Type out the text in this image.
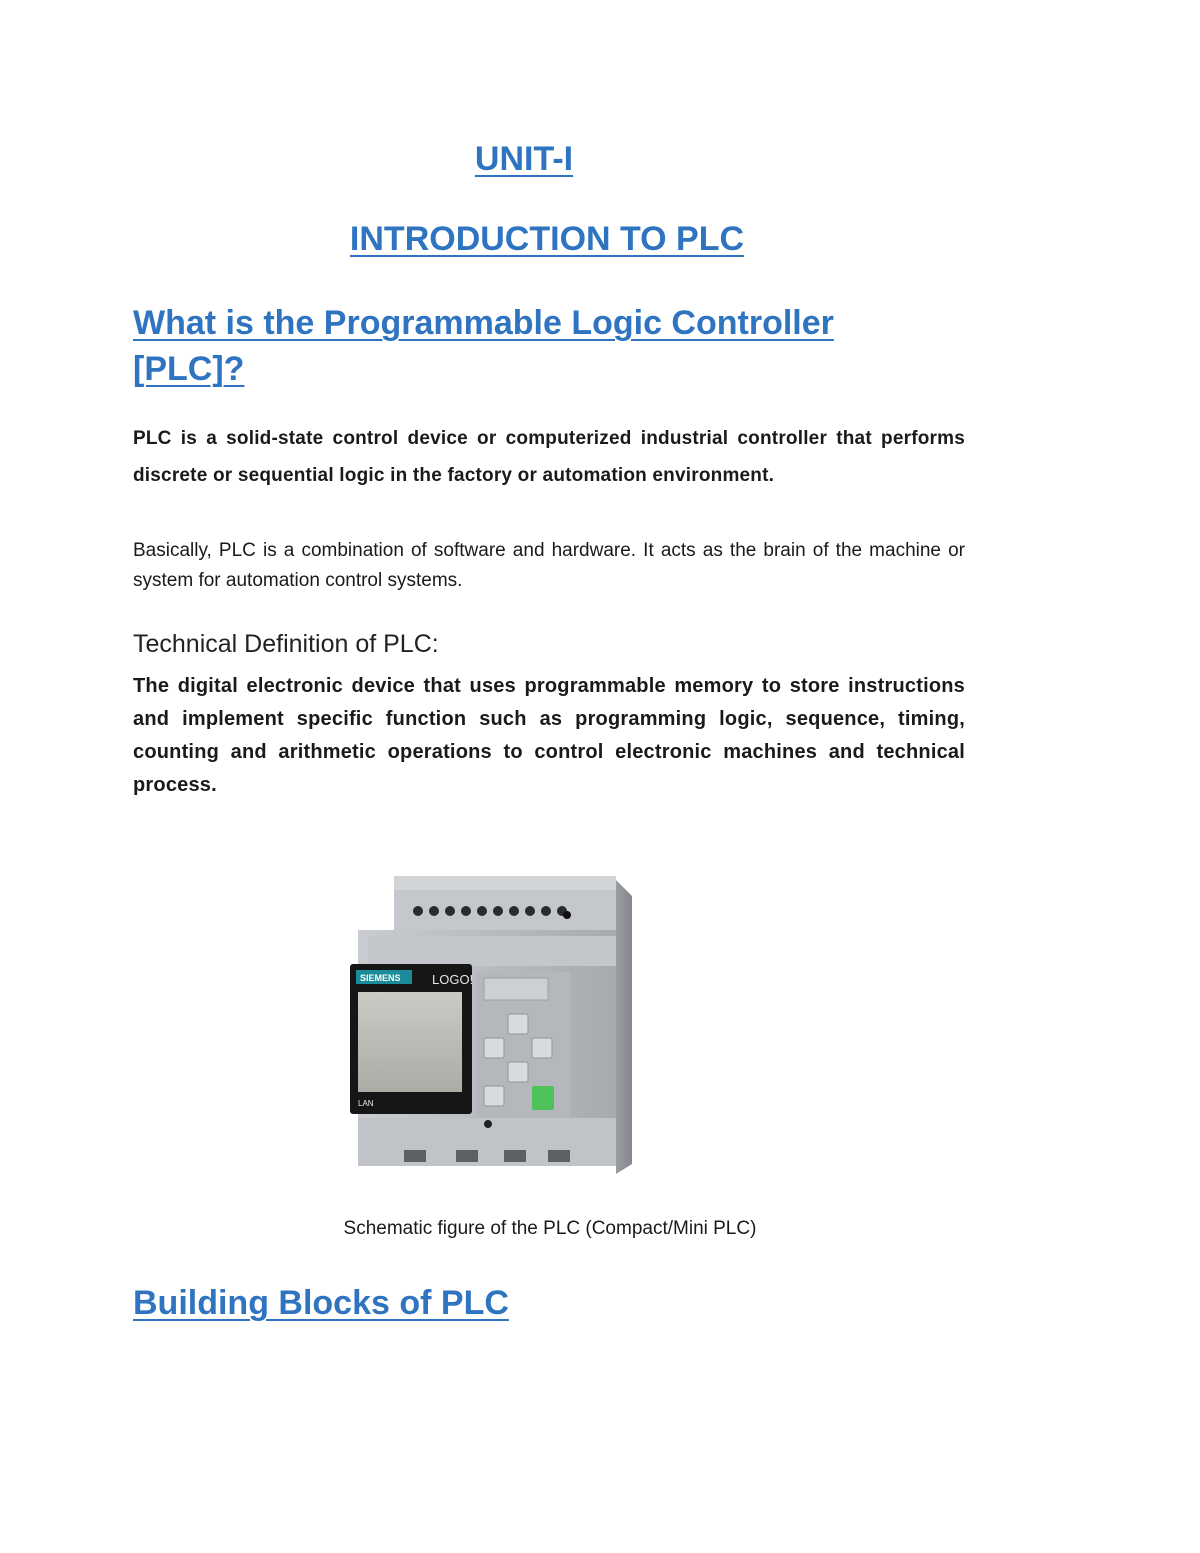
UNIT-I
INTRODUCTION TO PLC
What is the Programmable Logic Controller [PLC]?

PLC is a solid-state control device or computerized industrial controller that performs discrete or sequential logic in the factory or automation environment.

Basically, PLC is a combination of software and hardware. It acts as the brain of the machine or system for automation control systems.

Technical Definition of PLC:

The digital electronic device that uses programmable memory to store instructions and implement specific function such as programming logic, sequence, timing, counting and arithmetic operations to control electronic machines and technical process.

SIEMENS LOGO!
LAN

Schematic figure of the PLC (Compact/Mini PLC)

Building Blocks of PLC
